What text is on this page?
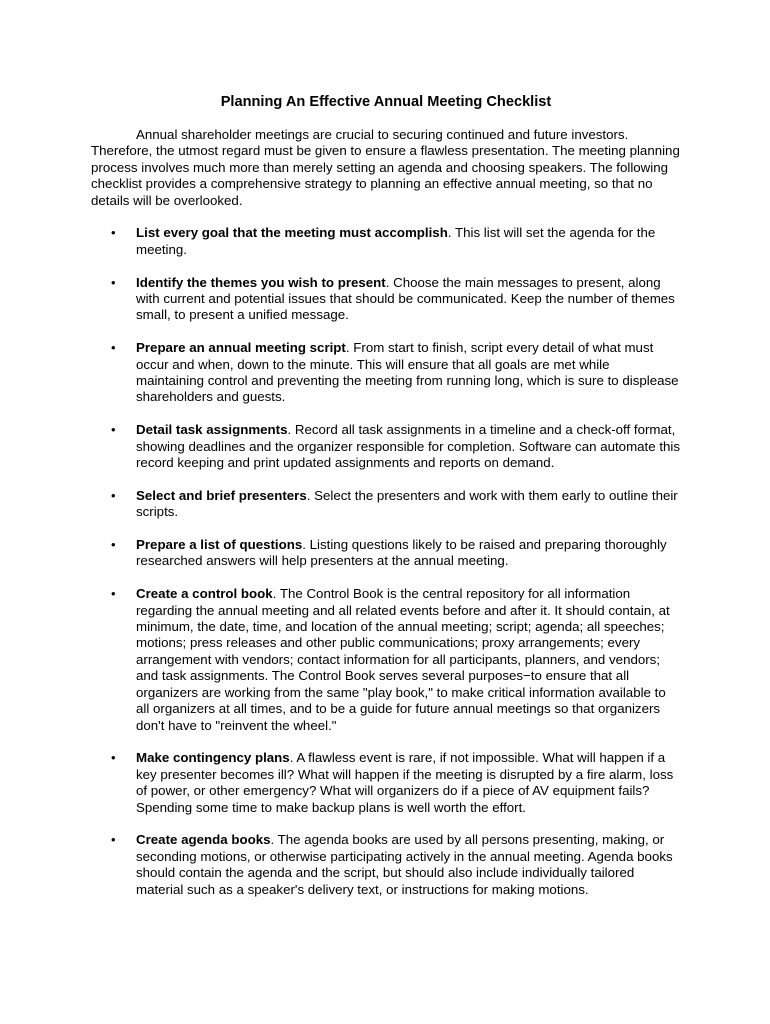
Planning An Effective Annual Meeting Checklist

Annual shareholder meetings are crucial to securing continued and future investors. Therefore, the utmost regard must be given to ensure a flawless presentation. The meeting planning process involves much more than merely setting an agenda and choosing speakers. The following checklist provides a comprehensive strategy to planning an effective annual meeting, so that no details will be overlooked.

• List every goal that the meeting must accomplish. This list will set the agenda for the meeting.
• Identify the themes you wish to present. Choose the main messages to present, along with current and potential issues that should be communicated. Keep the number of themes small, to present a unified message.
• Prepare an annual meeting script. From start to finish, script every detail of what must occur and when, down to the minute. This will ensure that all goals are met while maintaining control and preventing the meeting from running long, which is sure to displease shareholders and guests.
• Detail task assignments. Record all task assignments in a timeline and a check-off format, showing deadlines and the organizer responsible for completion. Software can automate this record keeping and print updated assignments and reports on demand.
• Select and brief presenters. Select the presenters and work with them early to outline their scripts.
• Prepare a list of questions. Listing questions likely to be raised and preparing thoroughly researched answers will help presenters at the annual meeting.
• Create a control book. The Control Book is the central repository for all information regarding the annual meeting and all related events before and after it. It should contain, at minimum, the date, time, and location of the annual meeting; script; agenda; all speeches; motions; press releases and other public communications; proxy arrangements; every arrangement with vendors; contact information for all participants, planners, and vendors; and task assignments. The Control Book serves several purposes−to ensure that all organizers are working from the same "play book," to make critical information available to all organizers at all times, and to be a guide for future annual meetings so that organizers don't have to "reinvent the wheel."
• Make contingency plans. A flawless event is rare, if not impossible. What will happen if a key presenter becomes ill? What will happen if the meeting is disrupted by a fire alarm, loss of power, or other emergency? What will organizers do if a piece of AV equipment fails? Spending some time to make backup plans is well worth the effort.
• Create agenda books. The agenda books are used by all persons presenting, making, or seconding motions, or otherwise participating actively in the annual meeting. Agenda books should contain the agenda and the script, but should also include individually tailored material such as a speaker's delivery text, or instructions for making motions.
